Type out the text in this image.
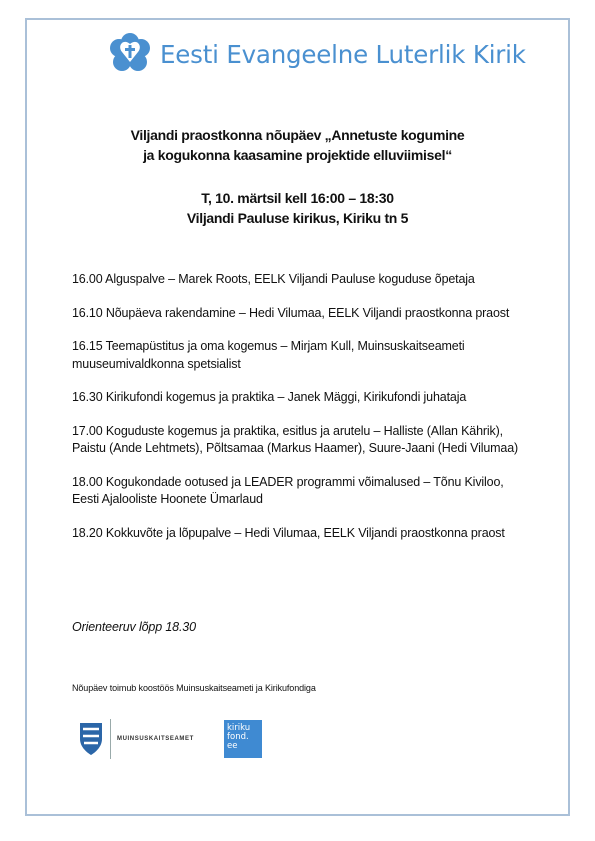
Eesti Evangeelne Luterlik Kirik
Viljandi praostkonna nõupäev „Annetuste kogumine
ja kogukonna kaasamine projektide elluviimisel“
T, 10. märtsil kell 16:00 – 18:30
Viljandi Pauluse kirikus, Kiriku tn 5
16.00 Alguspalve – Marek Roots, EELK Viljandi Pauluse koguduse õpetaja
16.10 Nõupäeva rakendamine – Hedi Vilumaa, EELK Viljandi praostkonna praost
16.15 Teemapüstitus ja oma kogemus – Mirjam Kull, Muinsuskaitseameti muuseumivaldkonna spetsialist
16.30 Kirikufondi kogemus ja praktika – Janek Mäggi, Kirikufondi juhataja
17.00 Koguduste kogemus ja praktika, esitlus ja arutelu – Halliste (Allan Kährik), Paistu (Ande Lehtmets), Põltsamaa (Markus Haamer), Suure-Jaani (Hedi Vilumaa)
18.00 Kogukondade ootused ja LEADER programmi võimalused – Tõnu Kiviloo, Eesti Ajalooliste Hoonete Ümarlaud
18.20 Kokkuvõte ja lõpupalve – Hedi Vilumaa, EELK Viljandi praostkonna praost
Orienteeruv lõpp 18.30
Nõupäev toimub koostöös Muinsuskaitseameti ja Kirikufondiga
MUINSUSKAITSEAMET
kiriku
fond.
ee
